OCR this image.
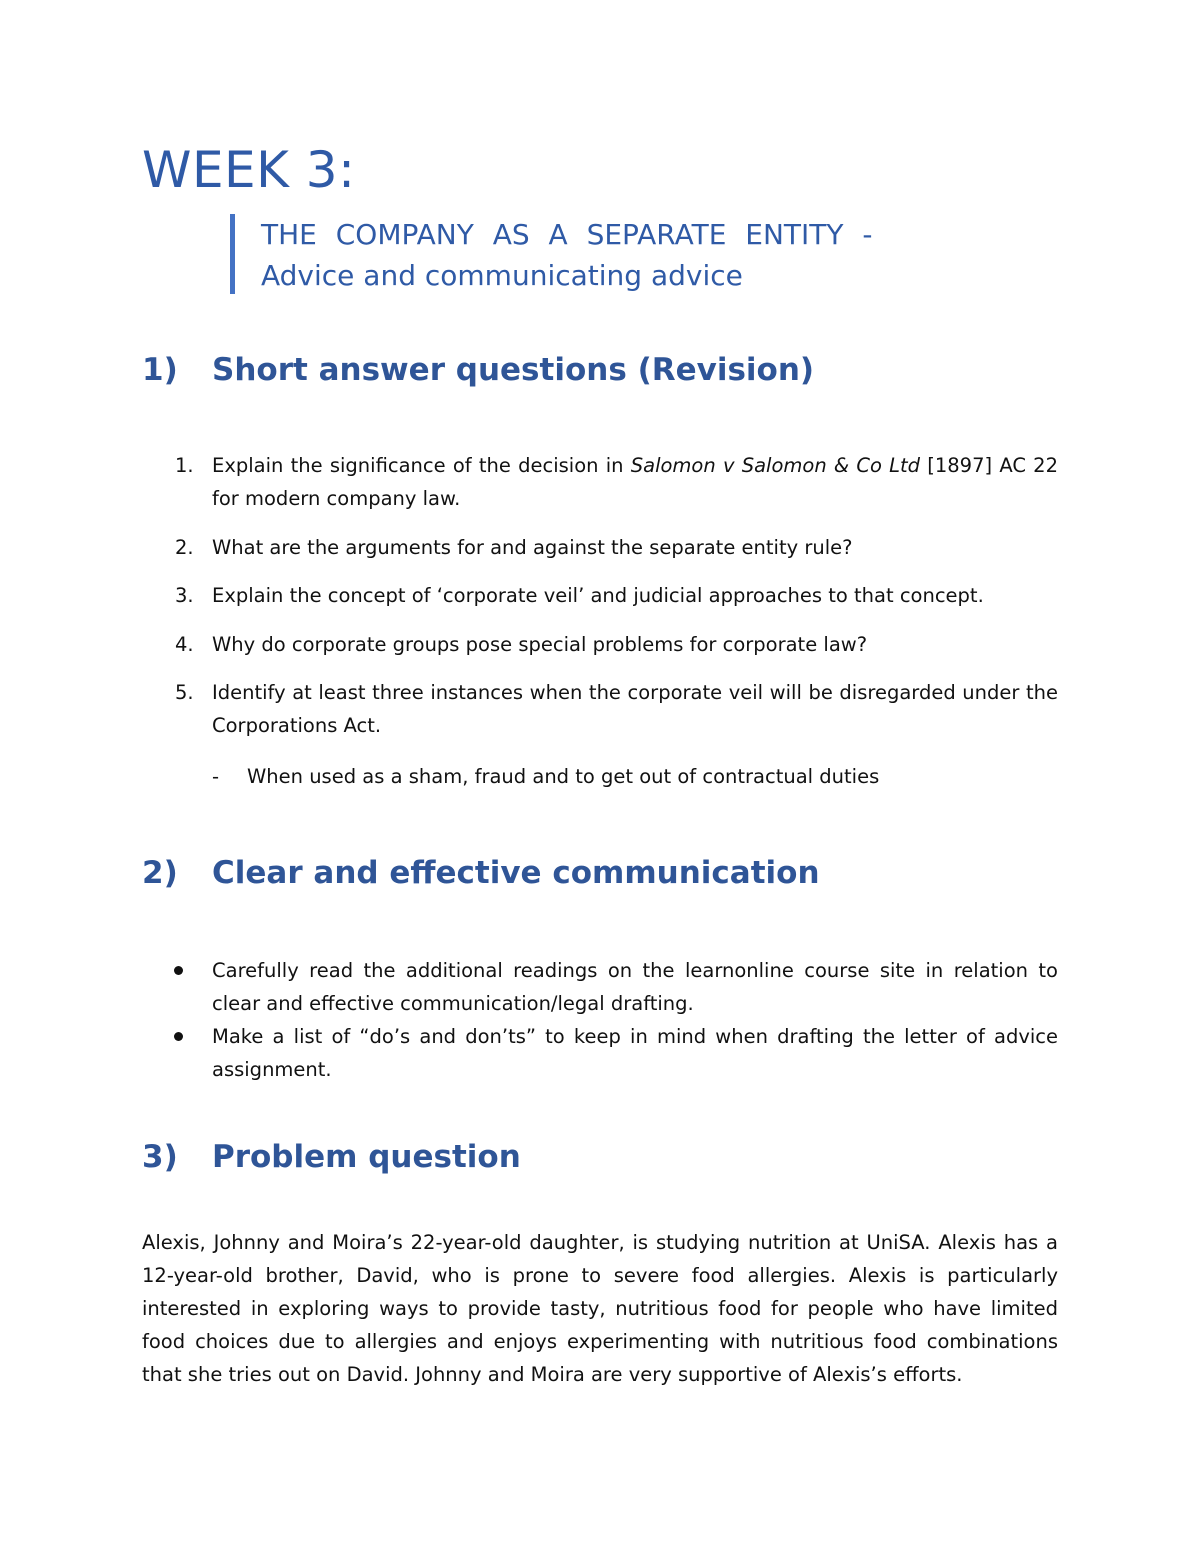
WEEK 3:
THE COMPANY AS A SEPARATE ENTITY -
Advice and communicating advice
1) Short answer questions (Revision)
1. Explain the significance of the decision in Salomon v Salomon & Co Ltd [1897] AC 22 for modern company law.
2. What are the arguments for and against the separate entity rule?
3. Explain the concept of ‘corporate veil’ and judicial approaches to that concept.
4. Why do corporate groups pose special problems for corporate law?
5. Identify at least three instances when the corporate veil will be disregarded under the Corporations Act.
- When used as a sham, fraud and to get out of contractual duties
2) Clear and effective communication
Carefully read the additional readings on the learnonline course site in relation to clear and effective communication/legal drafting.
Make a list of “do’s and don’ts” to keep in mind when drafting the letter of advice assignment.
3) Problem question

Alexis, Johnny and Moira’s 22-year-old daughter, is studying nutrition at UniSA. Alexis has a 12-year-old brother, David, who is prone to severe food allergies. Alexis is particularly interested in exploring ways to provide tasty, nutritious food for people who have limited food choices due to allergies and enjoys experimenting with nutritious food combinations that she tries out on David. Johnny and Moira are very supportive of Alexis’s efforts.
